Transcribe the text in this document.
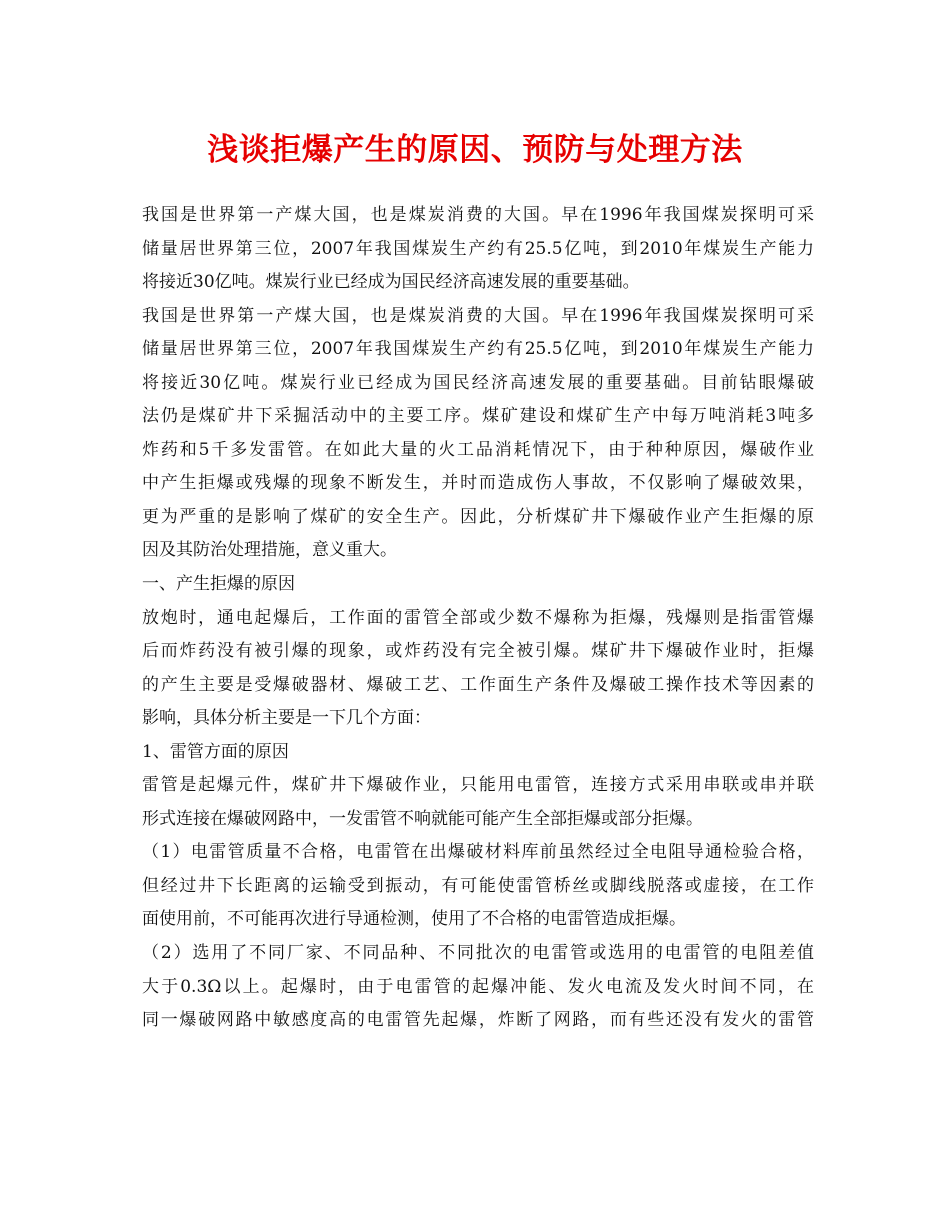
浅谈拒爆产生的原因、预防与处理方法
我国是世界第一产煤大国，也是煤炭消费的大国。早在1996年我国煤炭探明可采
储量居世界第三位，2007年我国煤炭生产约有25.5亿吨，到2010年煤炭生产能力
将接近30亿吨。煤炭行业已经成为国民经济高速发展的重要基础。
我国是世界第一产煤大国，也是煤炭消费的大国。早在1996年我国煤炭探明可采
储量居世界第三位，2007年我国煤炭生产约有25.5亿吨，到2010年煤炭生产能力
将接近30亿吨。煤炭行业已经成为国民经济高速发展的重要基础。目前钻眼爆破
法仍是煤矿井下采掘活动中的主要工序。煤矿建设和煤矿生产中每万吨消耗3吨多
炸药和5千多发雷管。在如此大量的火工品消耗情况下，由于种种原因，爆破作业
中产生拒爆或残爆的现象不断发生，并时而造成伤人事故，不仅影响了爆破效果，
更为严重的是影响了煤矿的安全生产。因此，分析煤矿井下爆破作业产生拒爆的原
因及其防治处理措施，意义重大。
一、产生拒爆的原因
放炮时，通电起爆后，工作面的雷管全部或少数不爆称为拒爆，残爆则是指雷管爆
后而炸药没有被引爆的现象，或炸药没有完全被引爆。煤矿井下爆破作业时，拒爆
的产生主要是受爆破器材、爆破工艺、工作面生产条件及爆破工操作技术等因素的
影响，具体分析主要是一下几个方面：
1、雷管方面的原因
雷管是起爆元件，煤矿井下爆破作业，只能用电雷管，连接方式采用串联或串并联
形式连接在爆破网路中，一发雷管不响就能可能产生全部拒爆或部分拒爆。
（1）电雷管质量不合格，电雷管在出爆破材料库前虽然经过全电阻导通检验合格，
但经过井下长距离的运输受到振动，有可能使雷管桥丝或脚线脱落或虚接，在工作
面使用前，不可能再次进行导通检测，使用了不合格的电雷管造成拒爆。
（2）选用了不同厂家、不同品种、不同批次的电雷管或选用的电雷管的电阻差值
大于0.3Ω以上。起爆时，由于电雷管的起爆冲能、发火电流及发火时间不同，在
同一爆破网路中敏感度高的电雷管先起爆，炸断了网路，而有些还没有发火的雷管
